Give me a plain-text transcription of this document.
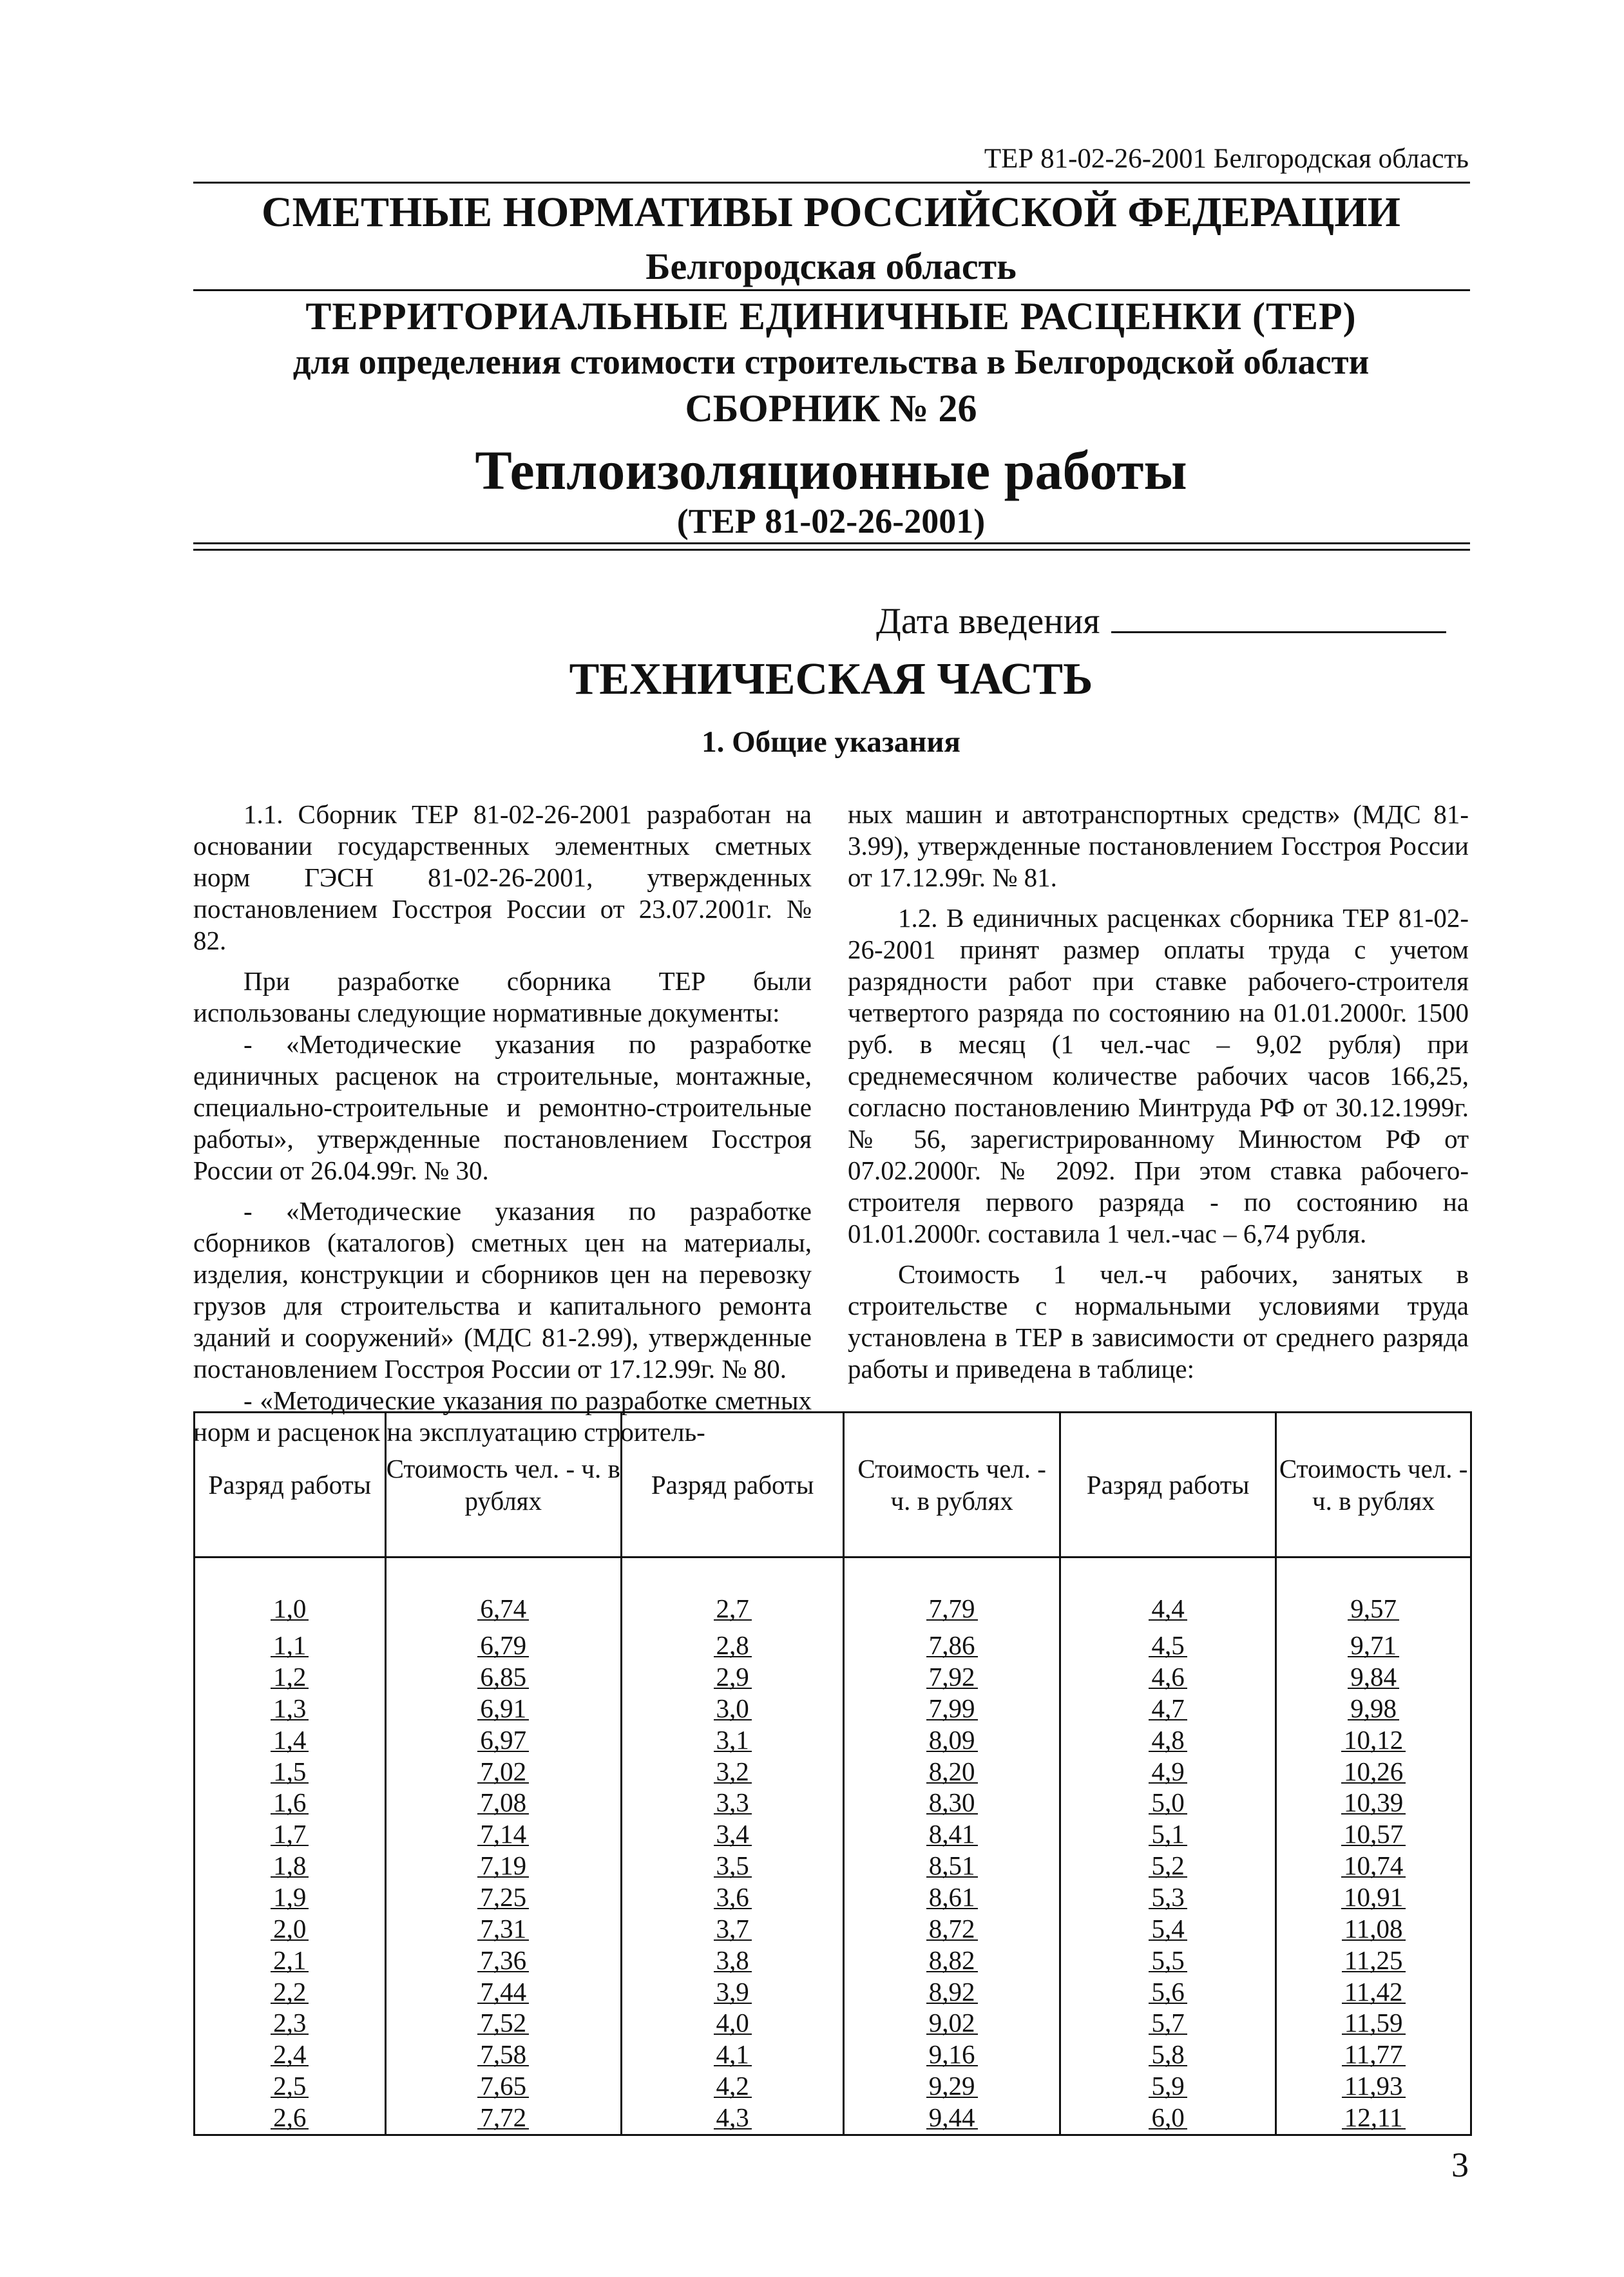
ТЕР 81-02-26-2001 Белгородская область
СМЕТНЫЕ НОРМАТИВЫ РОССИЙСКОЙ ФЕДЕРАЦИИ
Белгородская область
ТЕРРИТОРИАЛЬНЫЕ ЕДИНИЧНЫЕ РАСЦЕНКИ (ТЕР)
для определения стоимости строительства в Белгородской области
СБОРНИК № 26
Теплоизоляционные работы
(ТЕР 81-02-26-2001)
Дата введения
ТЕХНИЧЕСКАЯ ЧАСТЬ
1. Общие указания

1.1. Сборник ТЕР 81-02-26-2001 разработан на основании государственных элементных сметных норм ГЭСН 81-02-26-2001, утвержденных постановлением Госстроя России от 23.07.2001г. № 82.

При разработке сборника ТЕР были использованы следующие нормативные документы:

- «Методические указания по разработке единичных расценок на строительные, монтажные, специально-строительные и ремонтно-строительные работы», утвержденные постановлением Госстроя России от 26.04.99г. № 30.

- «Методические указания по разработке сборников (каталогов) сметных цен на материалы, изделия, конструкции и сборников цен на перевозку грузов для строительства и капитального ремонта зданий и сооружений» (МДС 81-2.99), утвержденные постановлением Госстроя России от 17.12.99г. № 80.

- «Методические указания по разработке сметных норм и расценок на эксплуатацию строитель-

ных машин и автотранспортных средств» (МДС 81-3.99), утвержденные постановлением Госстроя России от 17.12.99г. № 81.

1.2. В единичных расценках сборника ТЕР 81-02-26-2001 принят размер оплаты труда с учетом разрядности работ при ставке рабочего-строителя четвертого разряда по состоянию на 01.01.2000г. 1500 руб. в месяц (1 чел.-час – 9,02 рубля) при среднемесячном количестве рабочих часов 166,25, согласно постановлению Минтруда РФ от 30.12.1999г. № 56, зарегистрированному Минюстом РФ от 07.02.2000г. № 2092. При этом ставка рабочего-строителя первого разряда - по состоянию на 01.01.2000г. составила 1 чел.-час – 6,74 рубля.

Стоимость 1 чел.-ч рабочих, занятых в строительстве с нормальными условиями труда установлена в ТЕР в зависимости от среднего разряда работы и приведена в таблице:

Разряд работы	Стоимость чел. - ч. в рублях	Разряд работы	Стоимость чел. - ч. в рублях	Разряд работы	Стоимость чел. - ч. в рублях
1,0	6,74	2,7	7,79	4,4	9,57
1,1	6,79	2,8	7,86	4,5	9,71
1,2	6,85	2,9	7,92	4,6	9,84
1,3	6,91	3,0	7,99	4,7	9,98
1,4	6,97	3,1	8,09	4,8	10,12
1,5	7,02	3,2	8,20	4,9	10,26
1,6	7,08	3,3	8,30	5,0	10,39
1,7	7,14	3,4	8,41	5,1	10,57
1,8	7,19	3,5	8,51	5,2	10,74
1,9	7,25	3,6	8,61	5,3	10,91
2,0	7,31	3,7	8,72	5,4	11,08
2,1	7,36	3,8	8,82	5,5	11,25
2,2	7,44	3,9	8,92	5,6	11,42
2,3	7,52	4,0	9,02	5,7	11,59
2,4	7,58	4,1	9,16	5,8	11,77
2,5	7,65	4,2	9,29	5,9	11,93
2,6	7,72	4,3	9,44	6,0	12,11
3
